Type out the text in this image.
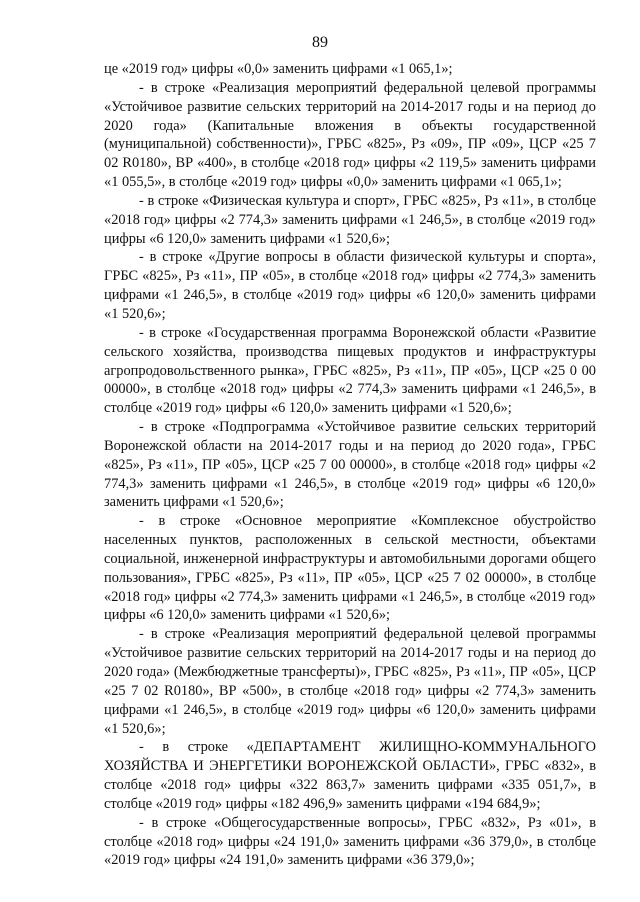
89

це «2019 год» цифры «0,0» заменить цифрами «1 065,1»;

- в строке «Реализация мероприятий федеральной целевой программы «Устойчивое развитие сельских территорий на 2014-2017 годы и на период до 2020 года» (Капитальные вложения в объекты государственной (муниципальной) собственности)», ГРБС «825», Рз «09», ПР «09», ЦСР «25 7 02 R0180», ВР «400», в столбце «2018 год» цифры «2 119,5» заменить цифрами «1 055,5», в столбце «2019 год» цифры «0,0» заменить цифрами «1 065,1»;

- в строке «Физическая культура и спорт», ГРБС «825», Рз «11», в столбце «2018 год» цифры «2 774,3» заменить цифрами «1 246,5», в столбце «2019 год» цифры «6 120,0» заменить цифрами «1 520,6»;

- в строке «Другие вопросы в области физической культуры и спорта», ГРБС «825», Рз «11», ПР «05», в столбце «2018 год» цифры «2 774,3» заменить цифрами «1 246,5», в столбце «2019 год» цифры «6 120,0» заменить цифрами «1 520,6»;

- в строке «Государственная программа Воронежской области «Развитие сельского хозяйства, производства пищевых продуктов и инфраструктуры агропродовольственного рынка», ГРБС «825», Рз «11», ПР «05», ЦСР «25 0 00 00000», в столбце «2018 год» цифры «2 774,3» заменить цифрами «1 246,5», в столбце «2019 год» цифры «6 120,0» заменить цифрами «1 520,6»;

- в строке «Подпрограмма «Устойчивое развитие сельских территорий Воронежской области на 2014-2017 годы и на период до 2020 года», ГРБС «825», Рз «11», ПР «05», ЦСР «25 7 00 00000», в столбце «2018 год» цифры «2 774,3» заменить цифрами «1 246,5», в столбце «2019 год» цифры «6 120,0» заменить цифрами «1 520,6»;

- в строке «Основное мероприятие «Комплексное обустройство населенных пунктов, расположенных в сельской местности, объектами социальной, инженерной инфраструктуры и автомобильными дорогами общего пользования», ГРБС «825», Рз «11», ПР «05», ЦСР «25 7 02 00000», в столбце «2018 год» цифры «2 774,3» заменить цифрами «1 246,5», в столбце «2019 год» цифры «6 120,0» заменить цифрами «1 520,6»;

- в строке «Реализация мероприятий федеральной целевой программы «Устойчивое развитие сельских территорий на 2014-2017 годы и на период до 2020 года» (Межбюджетные трансферты)», ГРБС «825», Рз «11», ПР «05», ЦСР «25 7 02 R0180», ВР «500», в столбце «2018 год» цифры «2 774,3» заменить цифрами «1 246,5», в столбце «2019 год» цифры «6 120,0» заменить цифрами «1 520,6»;

- в строке «ДЕПАРТАМЕНТ ЖИЛИЩНО-КОММУНАЛЬНОГО ХОЗЯЙСТВА И ЭНЕРГЕТИКИ ВОРОНЕЖСКОЙ ОБЛАСТИ», ГРБС «832», в столбце «2018 год» цифры «322 863,7» заменить цифрами «335 051,7», в столбце «2019 год» цифры «182 496,9» заменить цифрами «194 684,9»;

- в строке «Общегосударственные вопросы», ГРБС «832», Рз «01», в столбце «2018 год» цифры «24 191,0» заменить цифрами «36 379,0», в столбце «2019 год» цифры «24 191,0» заменить цифрами «36 379,0»;
